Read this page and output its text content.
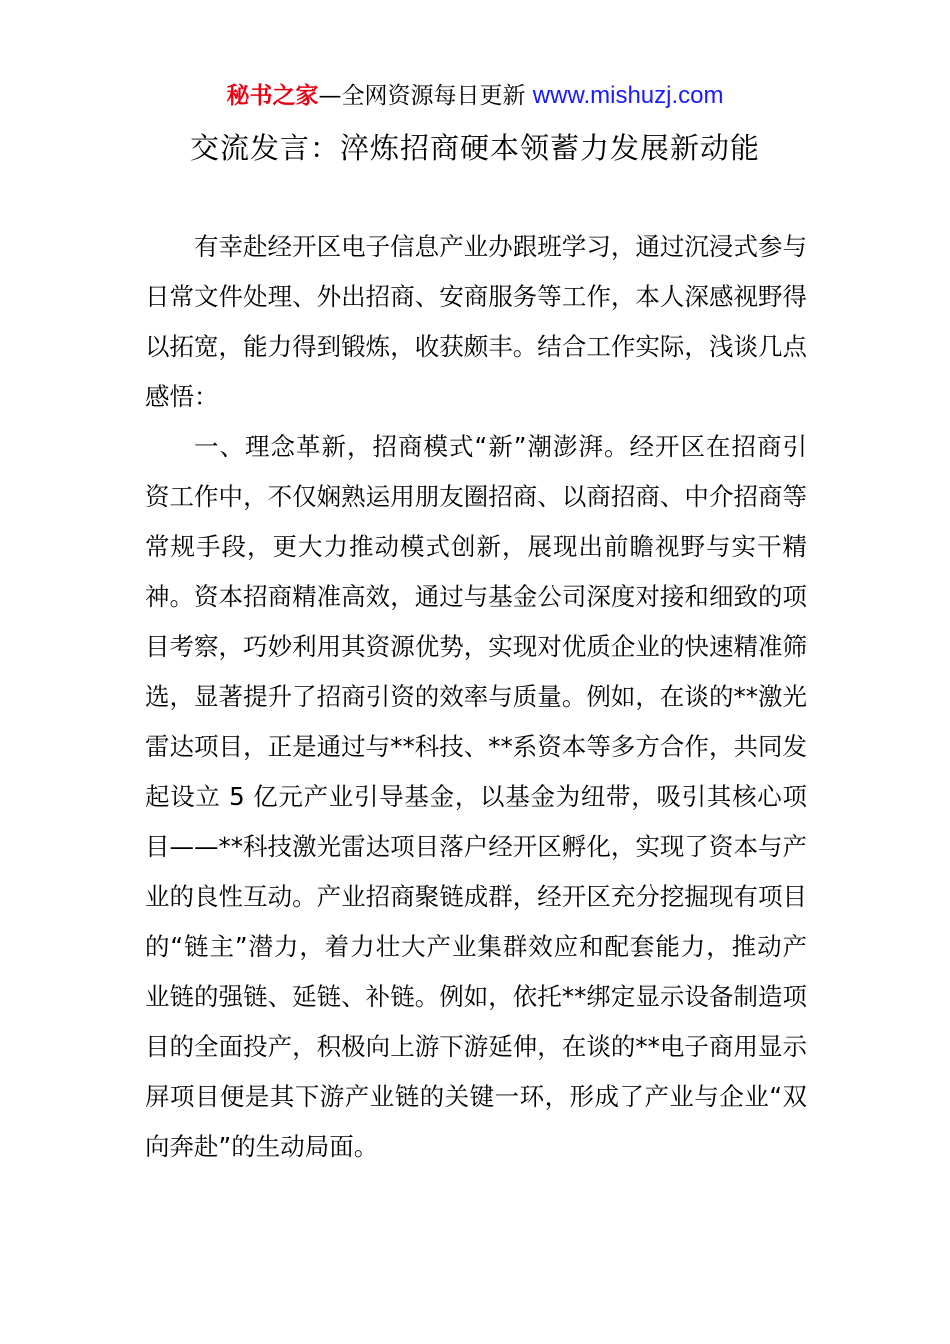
秘书之家—全网资源每日更新 www.mishuzj.com
交流发言：淬炼招商硬本领蓄力发展新动能

有幸赴经开区电子信息产业办跟班学习，通过沉浸式参与日常文件处理、外出招商、安商服务等工作，本人深感视野得以拓宽，能力得到锻炼，收获颇丰。结合工作实际，浅谈几点感悟：

一、理念革新，招商模式“新”潮澎湃。经开区在招商引资工作中，不仅娴熟运用朋友圈招商、以商招商、中介招商等常规手段，更大力推动模式创新，展现出前瞻视野与实干精神。资本招商精准高效，通过与基金公司深度对接和细致的项目考察，巧妙利用其资源优势，实现对优质企业的快速精准筛选，显著提升了招商引资的效率与质量。例如，在谈的**激光雷达项目，正是通过与**科技、**系资本等多方合作，共同发起设立 5 亿元产业引导基金，以基金为纽带，吸引其核心项目——**科技激光雷达项目落户经开区孵化，实现了资本与产业的良性互动。产业招商聚链成群，经开区充分挖掘现有项目的“链主”潜力，着力壮大产业集群效应和配套能力，推动产业链的强链、延链、补链。例如，依托**绑定显示设备制造项目的全面投产，积极向上游下游延伸，在谈的**电子商用显示屏项目便是其下游产业链的关键一环，形成了产业与企业“双向奔赴”的生动局面。
